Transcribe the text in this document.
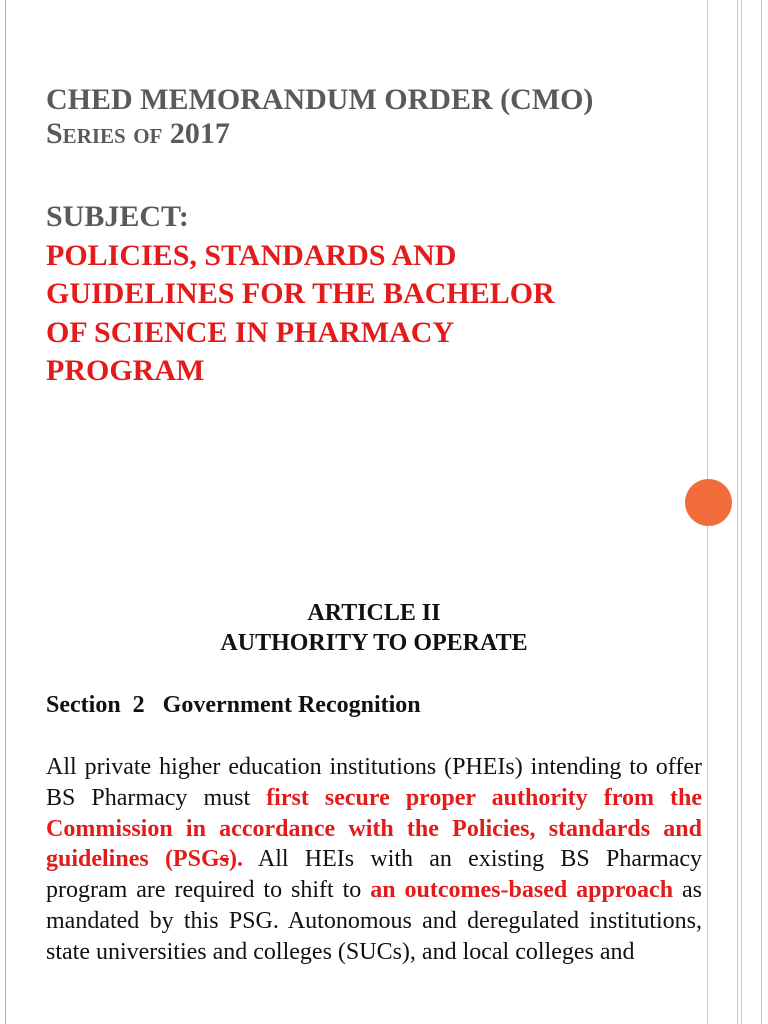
CHED MEMORANDUM ORDER (CMO)
Series of 2017
SUBJECT:
POLICIES, STANDARDS AND
GUIDELINES FOR THE BACHELOR
OF SCIENCE IN PHARMACY
PROGRAM
ARTICLE II
AUTHORITY TO OPERATE
Section  2   Government Recognition
All private higher education institutions (PHEIs) intending to offer BS Pharmacy must first secure proper authority from the Commission in accordance with the Policies, standards and guidelines (PSGs). All HEIs with an existing BS Pharmacy program are required to shift to an outcomes-based approach as mandated by this PSG. Autonomous and deregulated institutions, state universities and colleges (SUCs), and local colleges and
